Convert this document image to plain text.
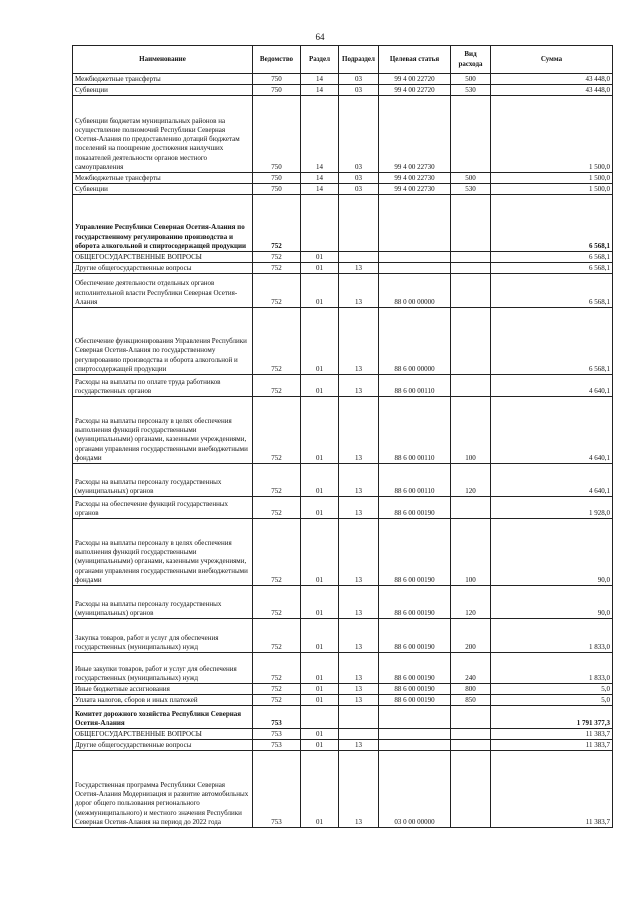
64
Наименование	Ведомство	Раздел	Подраздел	Целевая статья	Вид расхода	Сумма
Межбюджетные трансферты	750	14	03	99 4 00 22720	500	43 448,0
Субвенции	750	14	03	99 4 00 22720	530	43 448,0
Субвенции бюджетам муниципальных районов на осуществление полномочий Республики Северная Осетия-Алания по предоставлению дотаций бюджетам поселений на поощрение достижения наилучших показателей деятельности органов местного самоуправления	750	14	03	99 4 00 22730		1 500,0
Межбюджетные трансферты	750	14	03	99 4 00 22730	500	1 500,0
Субвенции	750	14	03	99 4 00 22730	530	1 500,0
Управление Республики Северная Осетия-Алания по государственному регулированию производства и оборота алкогольной и спиртосодержащей продукции	752					6 568,1
ОБЩЕГОСУДАРСТВЕННЫЕ ВОПРОСЫ	752	01				6 568,1
Другие общегосударственные вопросы	752	01	13			6 568,1
Обеспечение деятельности отдельных органов исполнительной власти Республики Северная Осетия-Алания	752	01	13	88 0 00 00000		6 568,1
Обеспечение функционирования Управления Республики Северная Осетия-Алания по государственному регулированию производства и оборота алкогольной и спиртосодержащей продукции	752	01	13	88 6 00 00000		6 568,1
Расходы на выплаты по оплате труда работников государственных органов	752	01	13	88 6 00 00110		4 640,1
Расходы на выплаты персоналу в целях обеспечения выполнения функций государственными (муниципальными) органами, казенными учреждениями, органами управления государственными внебюджетными фондами	752	01	13	88 6 00 00110	100	4 640,1
Расходы на выплаты персоналу государственных (муниципальных) органов	752	01	13	88 6 00 00110	120	4 640,1
Расходы на обеспечение функций государственных органов	752	01	13	88 6 00 00190		1 928,0
Расходы на выплаты персоналу в целях обеспечения выполнения функций государственными (муниципальными) органами, казенными учреждениями, органами управления государственными внебюджетными фондами	752	01	13	88 6 00 00190	100	90,0
Расходы на выплаты персоналу государственных (муниципальных) органов	752	01	13	88 6 00 00190	120	90,0
Закупка товаров, работ и услуг для обеспечения государственных (муниципальных) нужд	752	01	13	88 6 00 00190	200	1 833,0
Иные закупки товаров, работ и услуг для обеспечения государственных (муниципальных) нужд	752	01	13	88 6 00 00190	240	1 833,0
Иные бюджетные ассигнования	752	01	13	88 6 00 00190	800	5,0
Уплата налогов, сборов и иных платежей	752	01	13	88 6 00 00190	850	5,0
Комитет дорожного хозяйства Республики Северная Осетия-Алания	753					1 791 377,3
ОБЩЕГОСУДАРСТВЕННЫЕ ВОПРОСЫ	753	01				11 383,7
Другие общегосударственные вопросы	753	01	13			11 383,7
Государственная программа Республики Северная Осетия-Алания Модернизация и развитие автомобильных дорог общего пользования регионального (межмуниципального) и местного значения Республики Северная Осетия-Алания на период до 2022 года	753	01	13	03 0 00 00000		11 383,7
